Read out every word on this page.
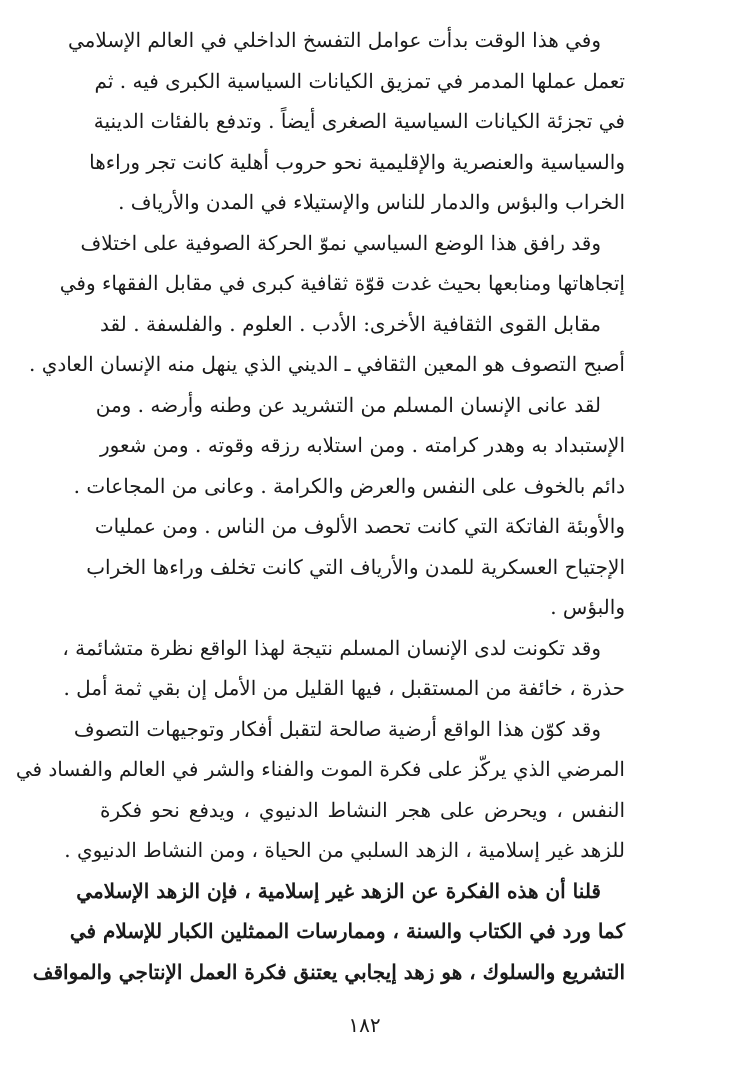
وفي هذا الوقت بدأت عوامل التفسخ الداخلي في العالم الإسلامي
تعمل عملها المدمر في تمزيق الكيانات السياسية الكبرى فيه . ثم
في تجزئة الكيانات السياسية الصغرى أيضاً . وتدفع بالفئات الدينية
والسياسية والعنصرية والإقليمية نحو حروب أهلية كانت تجر وراءها
الخراب والبؤس والدمار للناس والإستيلاء في المدن والأرياف .
وقد رافق هذا الوضع السياسي نموّ الحركة الصوفية على اختلاف
إتجاهاتها ومنابعها بحيث غدت قوّة ثقافية كبرى في مقابل الفقهاء وفي
مقابل القوى الثقافية الأخرى: الأدب . العلوم . والفلسفة . لقد
أصبح التصوف هو المعين الثقافي ـ الديني الذي ينهل منه الإنسان العادي .
لقد عانى الإنسان المسلم من التشريد عن وطنه وأرضه . ومن
الإستبداد به وهدر كرامته . ومن استلابه رزقه وقوته . ومن شعور
دائم بالخوف على النفس والعرض والكرامة . وعانى من المجاعات .
والأوبئة الفاتكة التي كانت تحصد الألوف من الناس . ومن عمليات
الإجتياح العسكرية للمدن والأرياف التي كانت تخلف وراءها الخراب
والبؤس .
وقد تكونت لدى الإنسان المسلم نتيجة لهذا الواقع نظرة متشائمة ،
حذرة ، خائفة من المستقبل ، فيها القليل من الأمل إن بقي ثمة أمل .
وقد كوّن هذا الواقع أرضية صالحة لتقبل أفكار وتوجيهات التصوف
المرضي الذي يركّز على فكرة الموت والفناء والشر في العالم والفساد في
النفس ، ويحرض على هجر النشاط الدنيوي ، ويدفع نحو فكرة
للزهد غير إسلامية ، الزهد السلبي من الحياة ، ومن النشاط الدنيوي .
قلنا أن هذه الفكرة عن الزهد غير إسلامية ، فإن الزهد الإسلامي
كما ورد في الكتاب والسنة ، وممارسات الممثلين الكبار للإسلام في
التشريع والسلوك ، هو زهد إيجابي يعتنق فكرة العمل الإنتاجي والمواقف
١٨٢
